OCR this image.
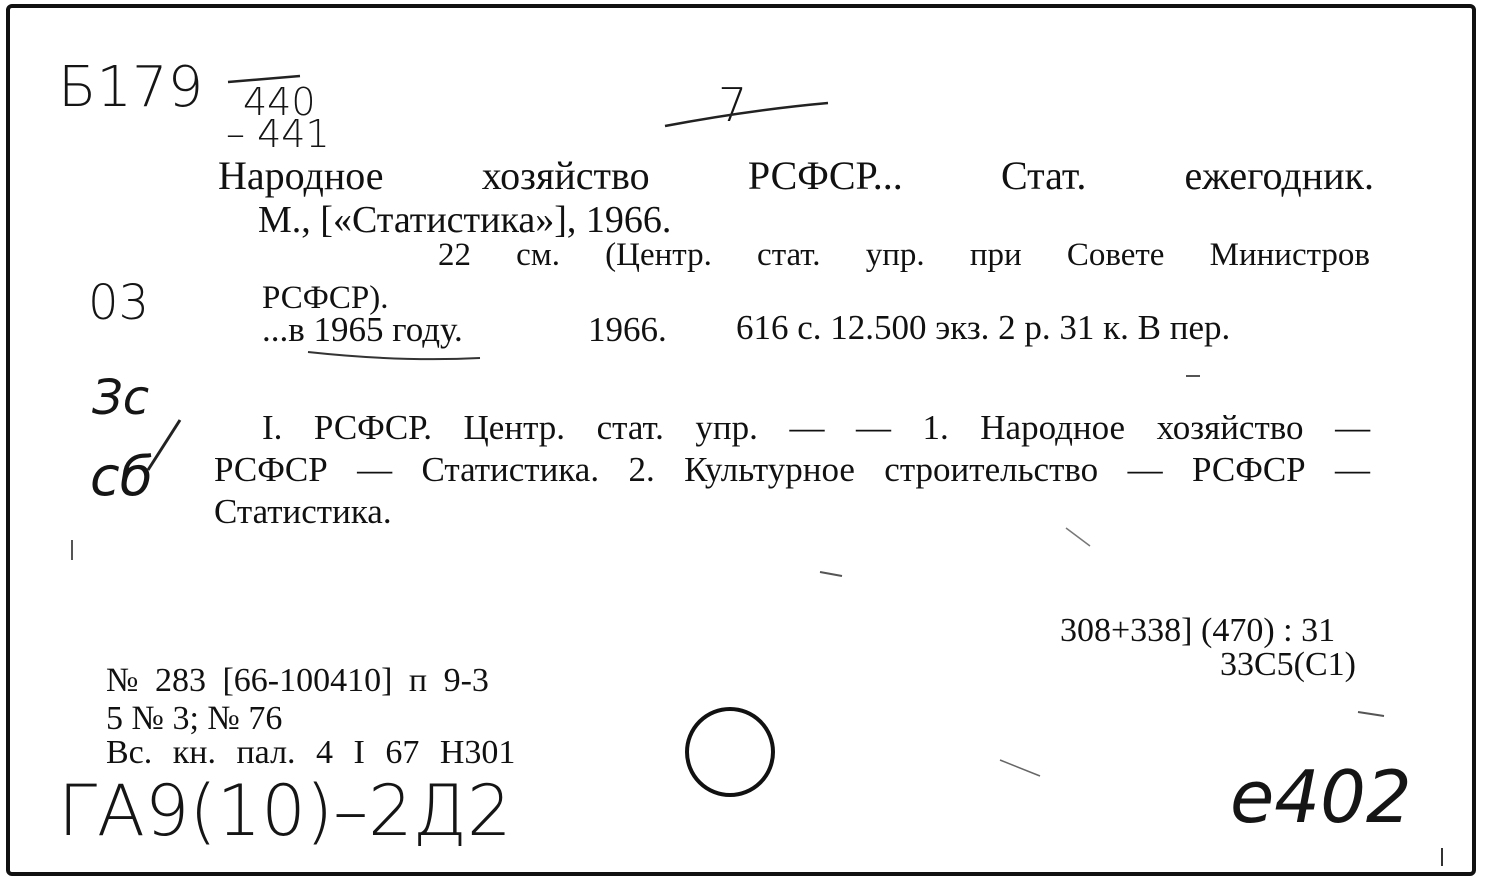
Б179 440
– 441
7
03
Зс
сб
ГА9(10)–2Д2	е402
Народное хозяйство РСФСР... Стат. ежегодник.
М., [«Статистика»], 1966.
22 см. (Центр. стат. упр. при Совете Министров
РСФСР).
...в 1965 году.	1966. 616 с. 12.500 экз. 2 р. 31 к. В пер.
I. РСФСР. Центр. стат. упр. — — 1. Народное хозяйство —
РСФСР — Статистика. 2. Культурное строительство — РСФСР —
Статистика.
308+338] (470) : 31
33С5(С1)
№ 283 [66-100410] п 9-3
5 № 3; № 76
Вс. кн. пал. 4 I 67 Н301
